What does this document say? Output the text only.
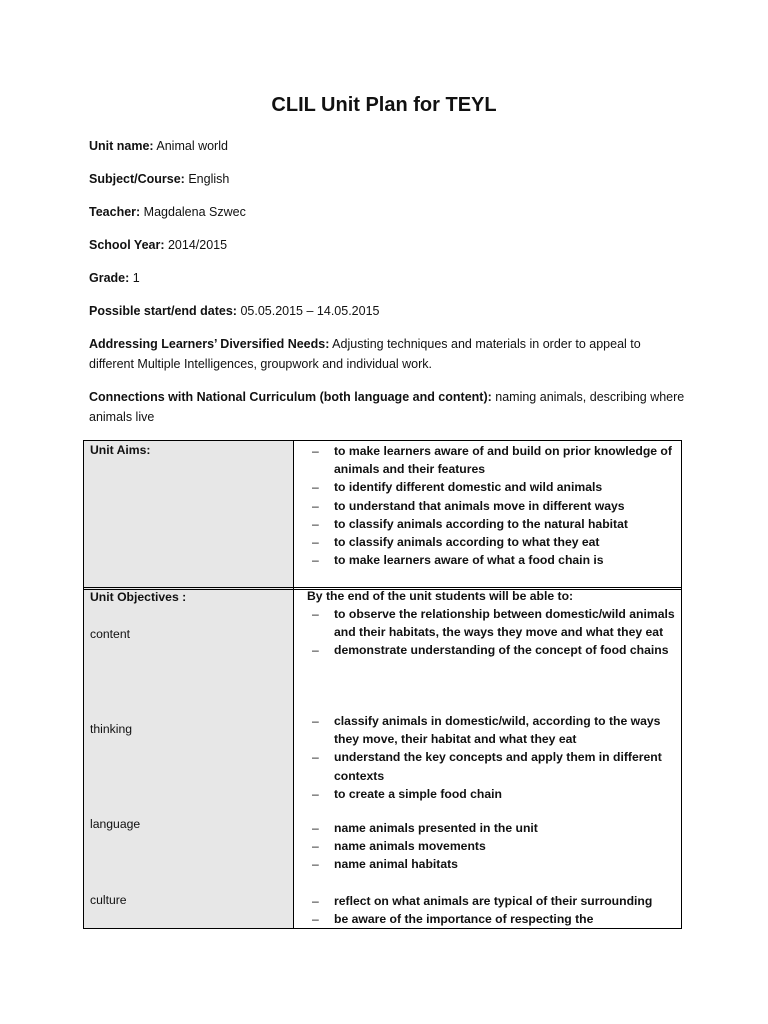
CLIL Unit Plan for TEYL
Unit name: Animal world
Subject/Course: English
Teacher: Magdalena Szwec
School Year: 2014/2015
Grade: 1
Possible start/end dates: 05.05.2015 – 14.05.2015
Addressing Learners’ Diversified Needs: Adjusting techniques and materials in order to appeal to different Multiple Intelligences, groupwork and individual work.
Connections with National Curriculum (both language and content): naming animals, describing where animals live
Unit Aims:
Unit Objectives :
content
thinking
language
culture
– to make learners aware of and build on prior knowledge of animals and their features
– to identify different domestic and wild animals
– to understand that animals move in different ways
– to classify animals according to the natural habitat
– to classify animals according to what they eat
– to make learners aware of what a food chain is
By the end of the unit students will be able to:
– to observe the relationship between domestic/wild animals and their habitats, the ways they move and what they eat
– demonstrate understanding of the concept of food chains
– classify animals in domestic/wild, according to the ways they move, their habitat and what they eat
– understand the key concepts and apply them in different contexts
– to create a simple food chain
– name animals presented in the unit
– name animals movements
– name animal habitats
– reflect on what animals are typical of their surrounding
– be aware of the importance of respecting the
